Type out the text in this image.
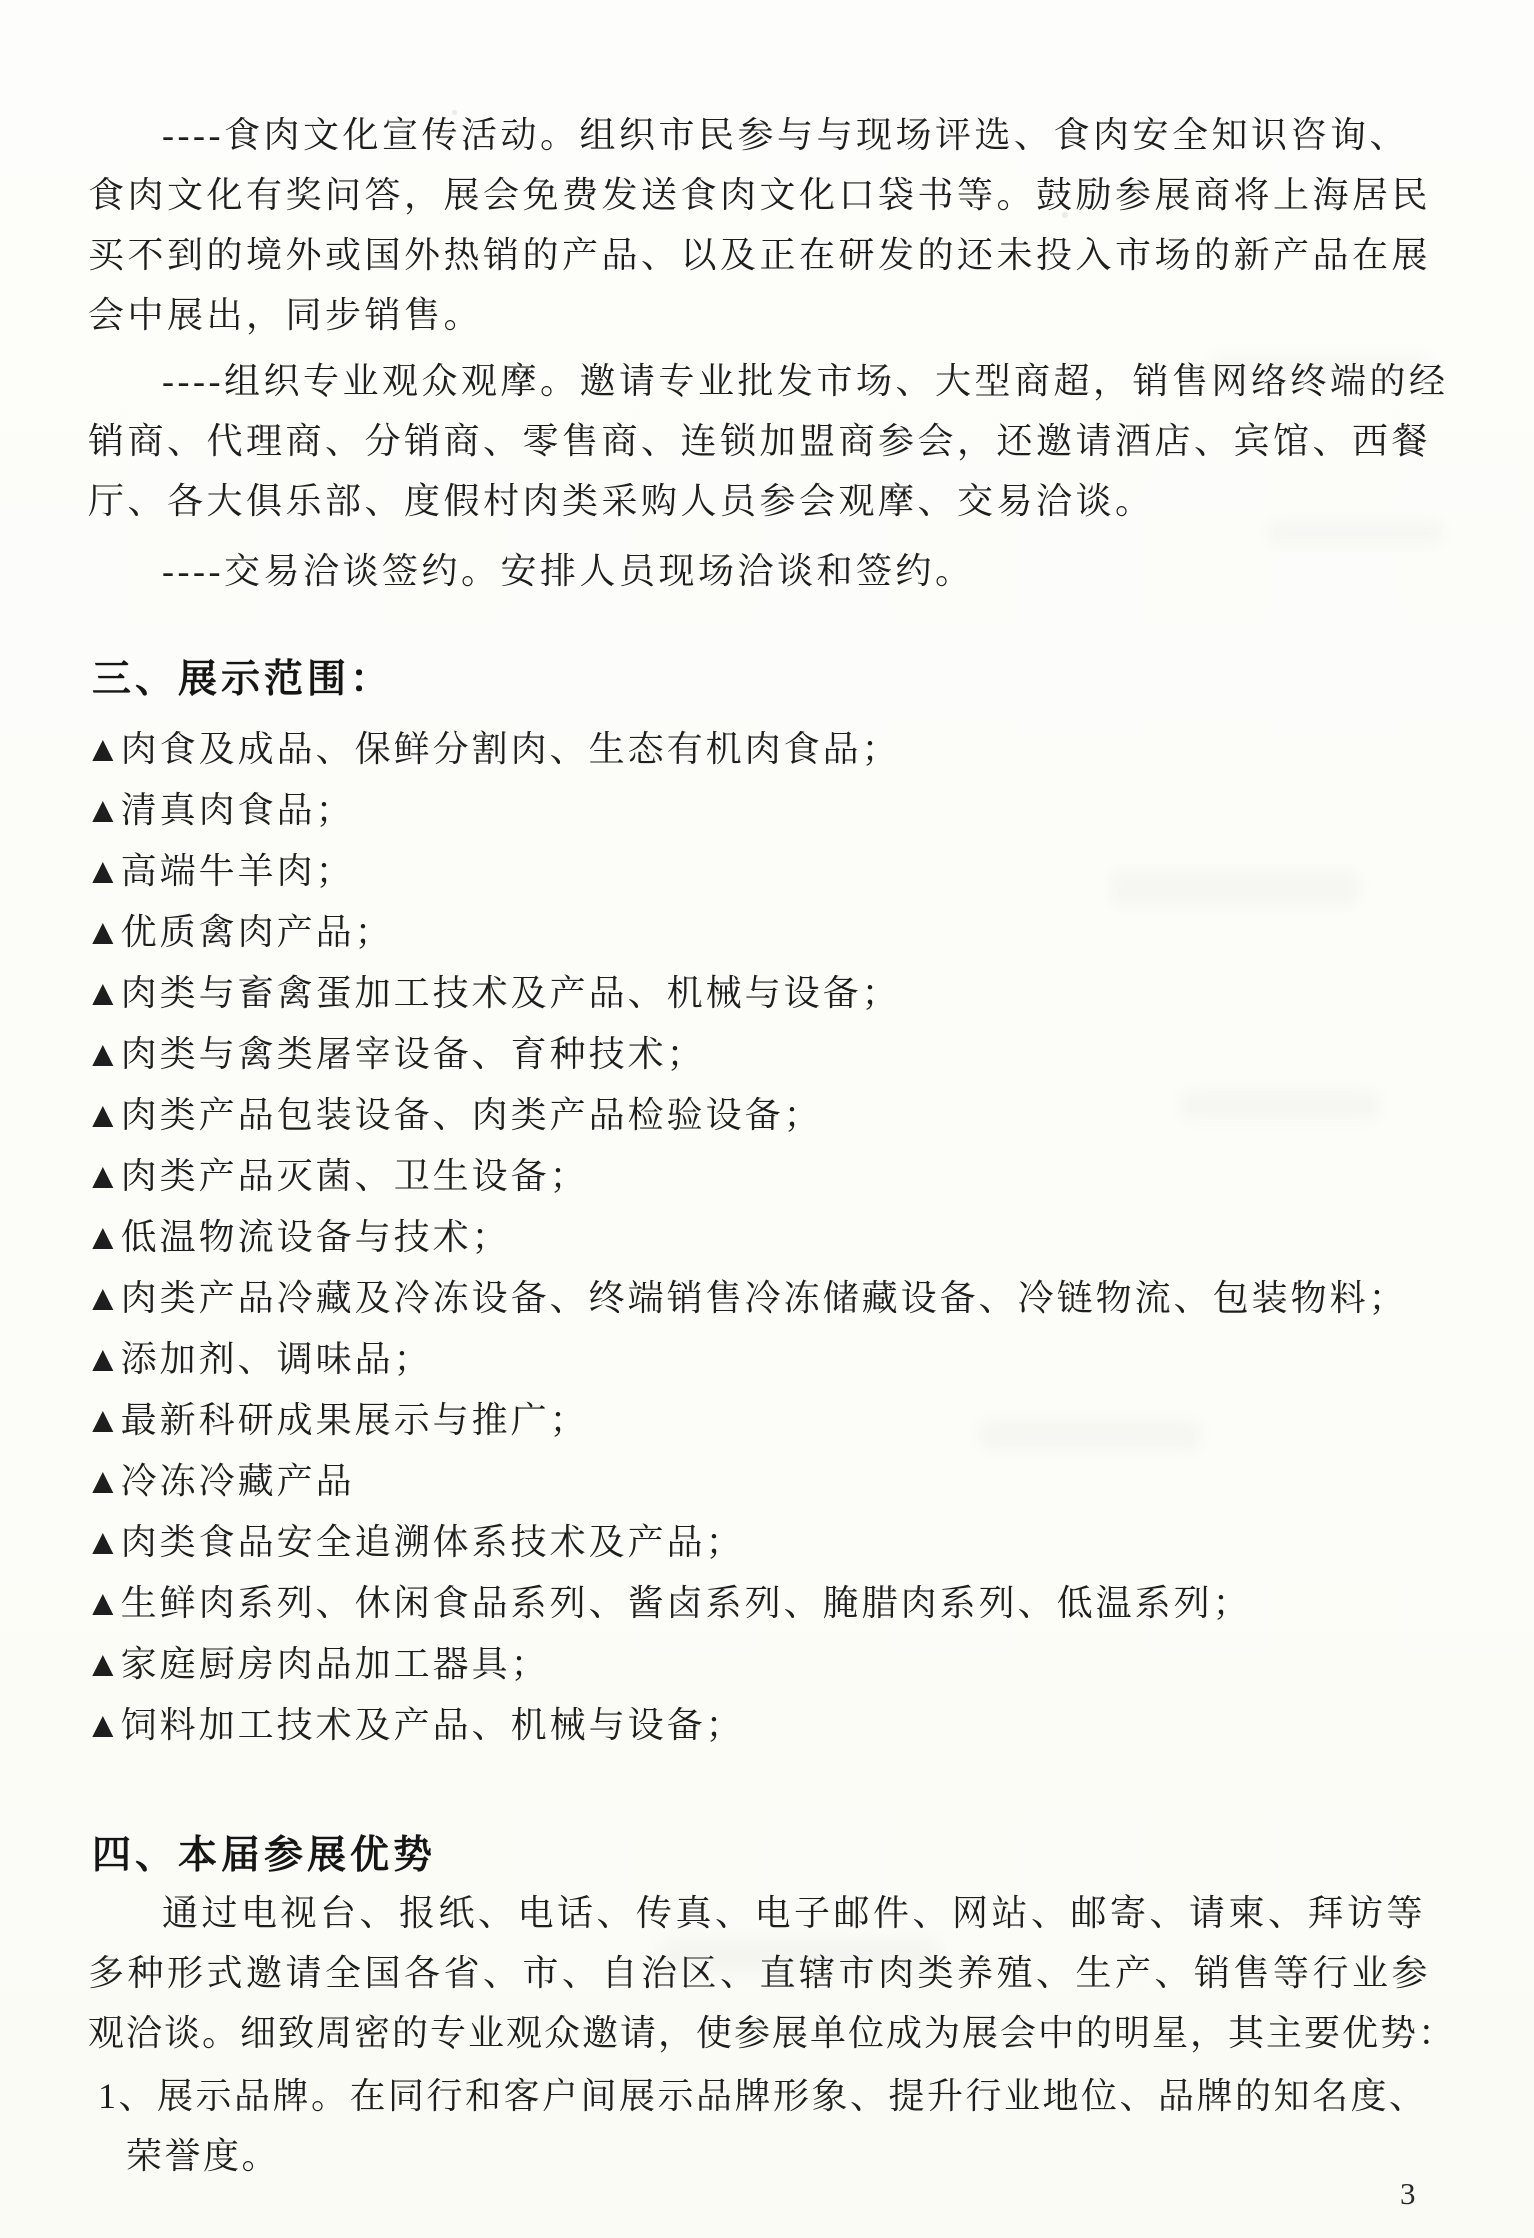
----食肉文化宣传活动。组织市民参与与现场评选、食肉安全知识咨询、
食肉文化有奖问答，展会免费发送食肉文化口袋书等。鼓励参展商将上海居民
买不到的境外或国外热销的产品、以及正在研发的还未投入市场的新产品在展
会中展出，同步销售。
----组织专业观众观摩。邀请专业批发市场、大型商超，销售网络终端的经
销商、代理商、分销商、零售商、连锁加盟商参会，还邀请酒店、宾馆、西餐
厅、各大俱乐部、度假村肉类采购人员参会观摩、交易洽谈。
----交易洽谈签约。安排人员现场洽谈和签约。
三、展示范围：
▲肉食及成品、保鲜分割肉、生态有机肉食品；
▲清真肉食品；
▲高端牛羊肉；
▲优质禽肉产品；
▲肉类与畜禽蛋加工技术及产品、机械与设备；
▲肉类与禽类屠宰设备、育种技术；
▲肉类产品包装设备、肉类产品检验设备；
▲肉类产品灭菌、卫生设备；
▲低温物流设备与技术；
▲肉类产品冷藏及冷冻设备、终端销售冷冻储藏设备、冷链物流、包装物料；
▲添加剂、调味品；
▲最新科研成果展示与推广；
▲冷冻冷藏产品
▲肉类食品安全追溯体系技术及产品；
▲生鲜肉系列、休闲食品系列、酱卤系列、腌腊肉系列、低温系列；
▲家庭厨房肉品加工器具；
▲饲料加工技术及产品、机械与设备；
四、本届参展优势
通过电视台、报纸、电话、传真、电子邮件、网站、邮寄、请柬、拜访等
多种形式邀请全国各省、市、自治区、直辖市肉类养殖、生产、销售等行业参
观洽谈。细致周密的专业观众邀请，使参展单位成为展会中的明星，其主要优势：
1、展示品牌。在同行和客户间展示品牌形象、提升行业地位、品牌的知名度、
荣誉度。
3
